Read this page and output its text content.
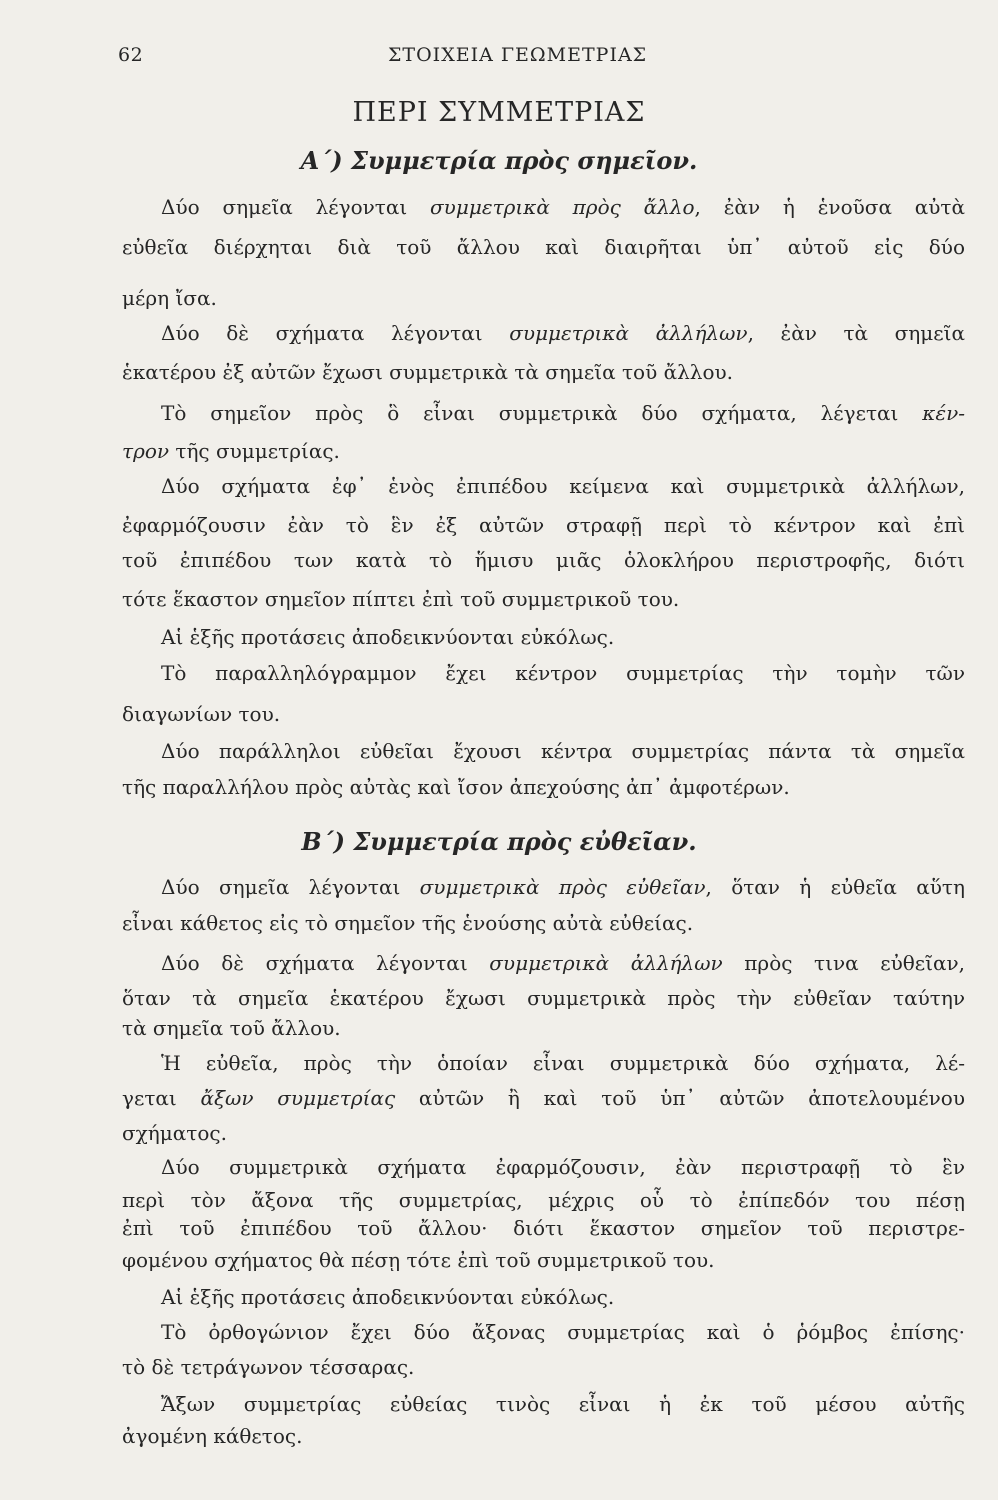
62	ΣΤΟΙΧΕΙΑ ΓΕΩΜΕΤΡΙΑΣ
ΠΕΡΙ ΣΥΜΜΕΤΡΙΑΣ
Α΄) Συμμετρία πρὸς σημεῖον.
Δύο σημεῖα λέγονται συμμετρικὰ πρὸς ἄλλο, ἐὰν ἡ ἑνοῦσα αὐτὰ
εὐθεῖα διέρχηται διὰ τοῦ ἄλλου καὶ διαιρῆται ὑπ᾽ αὐτοῦ εἰς δύο
μέρη ἴσα.
Δύο δὲ σχήματα λέγονται συμμετρικὰ ἀλλήλων, ἐὰν τὰ σημεῖα
ἑκατέρου ἐξ αὐτῶν ἔχωσι συμμετρικὰ τὰ σημεῖα τοῦ ἄλλου.
Τὸ σημεῖον πρὸς ὃ εἶναι συμμετρικὰ δύο σχήματα, λέγεται κέν-
τρον τῆς συμμετρίας.
Δύο σχήματα ἐφ᾽ ἑνὸς ἐπιπέδου κείμενα καὶ συμμετρικὰ ἀλλήλων,
ἐφαρμόζουσιν ἐὰν τὸ ἓν ἐξ αὐτῶν στραφῇ περὶ τὸ κέντρον καὶ ἐπὶ
τοῦ ἐπιπέδου των κατὰ τὸ ἥμισυ μιᾶς ὁλοκλήρου περιστροφῆς, διότι
τότε ἕκαστον σημεῖον πίπτει ἐπὶ τοῦ συμμετρικοῦ του.
Αἱ ἑξῆς προτάσεις ἀποδεικνύονται εὐκόλως.
Τὸ παραλληλόγραμμον ἔχει κέντρον συμμετρίας τὴν τομὴν τῶν
διαγωνίων του.
Δύο παράλληλοι εὐθεῖαι ἔχουσι κέντρα συμμετρίας πάντα τὰ σημεῖα
τῆς παραλλήλου πρὸς αὐτὰς καὶ ἴσον ἀπεχούσης ἀπ᾽ ἀμφοτέρων.
Β΄) Συμμετρία πρὸς εὐθεῖαν.
Δύο σημεῖα λέγονται συμμετρικὰ πρὸς εὐθεῖαν, ὅταν ἡ εὐθεῖα αὕτη
εἶναι κάθετος εἰς τὸ σημεῖον τῆς ἑνούσης αὐτὰ εὐθείας.
Δύο δὲ σχήματα λέγονται συμμετρικὰ ἀλλήλων πρὸς τινα εὐθεῖαν,
ὅταν τὰ σημεῖα ἑκατέρου ἔχωσι συμμετρικὰ πρὸς τὴν εὐθεῖαν ταύτην
τὰ σημεῖα τοῦ ἄλλου.
Ἡ εὐθεῖα, πρὸς τὴν ὁποίαν εἶναι συμμετρικὰ δύο σχήματα, λέ-
γεται ἄξων συμμετρίας αὐτῶν ἢ καὶ τοῦ ὑπ᾽ αὐτῶν ἀποτελουμένου
σχήματος.
Δύο συμμετρικὰ σχήματα ἐφαρμόζουσιν, ἐὰν περιστραφῇ τὸ ἓν
περὶ τὸν ἄξονα τῆς συμμετρίας, μέχρις οὗ τὸ ἐπίπεδόν του πέσῃ
ἐπὶ τοῦ ἐπιπέδου τοῦ ἄλλου· διότι ἕκαστον σημεῖον τοῦ περιστρε-
φομένου σχήματος θὰ πέσῃ τότε ἐπὶ τοῦ συμμετρικοῦ του.
Αἱ ἑξῆς προτάσεις ἀποδεικνύονται εὐκόλως.
Τὸ ὀρθογώνιον ἔχει δύο ἄξονας συμμετρίας καὶ ὁ ῥόμβος ἐπίσης·
τὸ δὲ τετράγωνον τέσσαρας.
Ἄξων συμμετρίας εὐθείας τινὸς εἶναι ἡ ἐκ τοῦ μέσου αὐτῆς
ἀγομένη κάθετος.
